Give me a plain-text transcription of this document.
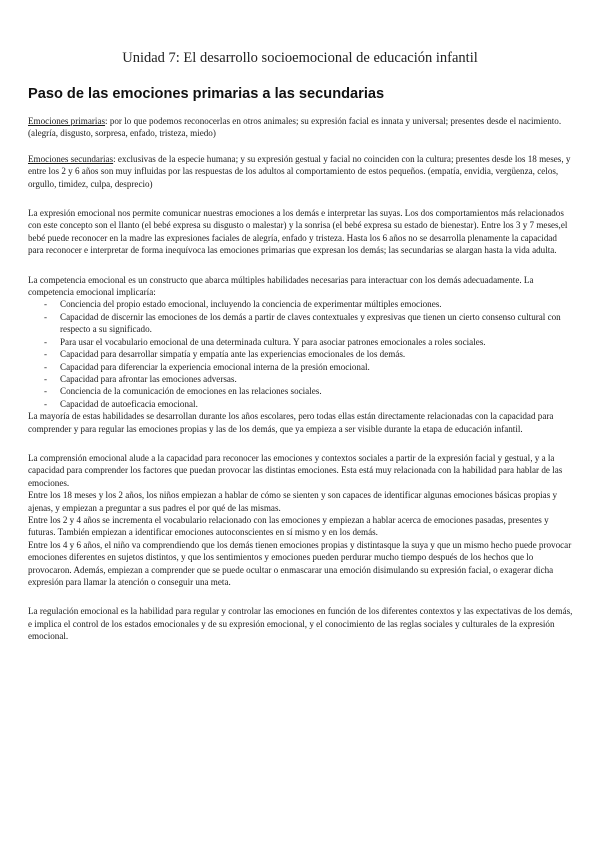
Unidad 7: El desarrollo socioemocional de educación infantil
Paso de las emociones primarias a las secundarias

Emociones primarias: por lo que podemos reconocerlas en otros animales; su expresión facial es innata y universal; presentes desde el nacimiento. (alegría, disgusto, sorpresa, enfado, tristeza, miedo)

Emociones secundarias: exclusivas de la especie humana; y su expresión gestual y facial no coinciden con la cultura; presentes desde los 18 meses, y entre los 2 y 6 años son muy influidas por las respuestas de los adultos al comportamiento de estos pequeños. (empatía, envidia, vergüenza, celos, orgullo, timidez, culpa, desprecio)

La expresión emocional nos permite comunicar nuestras emociones a los demás e interpretar las suyas. Los dos comportamientos más relacionados con este concepto son el llanto (el bebé expresa su disgusto o malestar) y la sonrisa (el bebé expresa su estado de bienestar). Entre los 3 y 7 meses,el bebé puede reconocer en la madre las expresiones faciales de alegría, enfado y tristeza. Hasta los 6 años no se desarrolla plenamente la capacidad para reconocer e interpretar de forma inequívoca las emociones primarias que expresan los demás; las secundarias se alargan hasta la vida adulta.

La competencia emocional es un constructo que abarca múltiples habilidades necesarias para interactuar con los demás adecuadamente. La competencia emocional implicaría:

- Conciencia del propio estado emocional, incluyendo la conciencia de experimentar múltiples emociones.
- Capacidad de discernir las emociones de los demás a partir de claves contextuales y expresivas que tienen un cierto consenso cultural con respecto a su significado.
- Para usar el vocabulario emocional de una determinada cultura. Y para asociar patrones emocionales a roles sociales.
- Capacidad para desarrollar simpatía y empatía ante las experiencias emocionales de los demás.
- Capacidad para diferenciar la experiencia emocional interna de la presión emocional.
- Capacidad para afrontar las emociones adversas.
- Conciencia de la comunicación de emociones en las relaciones sociales.
- Capacidad de autoeficacia emocional.

La mayoría de estas habilidades se desarrollan durante los años escolares, pero todas ellas están directamente relacionadas con la capacidad para comprender y para regular las emociones propias y las de los demás, que ya empieza a ser visible durante la etapa de educación infantil.

La comprensión emocional alude a la capacidad para reconocer las emociones y contextos sociales a partir de la expresión facial y gestual, y a la capacidad para comprender los factores que puedan provocar las distintas emociones. Esta está muy relacionada con la habilidad para hablar de las emociones.

Entre los 18 meses y los 2 años, los niños empiezan a hablar de cómo se sienten y son capaces de identificar algunas emociones básicas propias y ajenas, y empiezan a preguntar a sus padres el por qué de las mismas.

Entre los 2 y 4 años se incrementa el vocabulario relacionado con las emociones y empiezan a hablar acerca de emociones pasadas, presentes y futuras. También empiezan a identificar emociones autoconscientes en sí mismo y en los demás.

Entre los 4 y 6 años, el niño va comprendiendo que los demás tienen emociones propias y distintasque la suya y que un mismo hecho puede provocar emociones diferentes en sujetos distintos, y que los sentimientos y emociones pueden perdurar mucho tiempo después de los hechos que lo provocaron. Además, empiezan a comprender que se puede ocultar o enmascarar una emoción disimulando su expresión facial, o exagerar dicha expresión para llamar la atención o conseguir una meta.

La regulación emocional es la habilidad para regular y controlar las emociones en función de los diferentes contextos y las expectativas de los demás, e implica el control de los estados emocionales y de su expresión emocional, y el conocimiento de las reglas sociales y culturales de la expresión emocional.
